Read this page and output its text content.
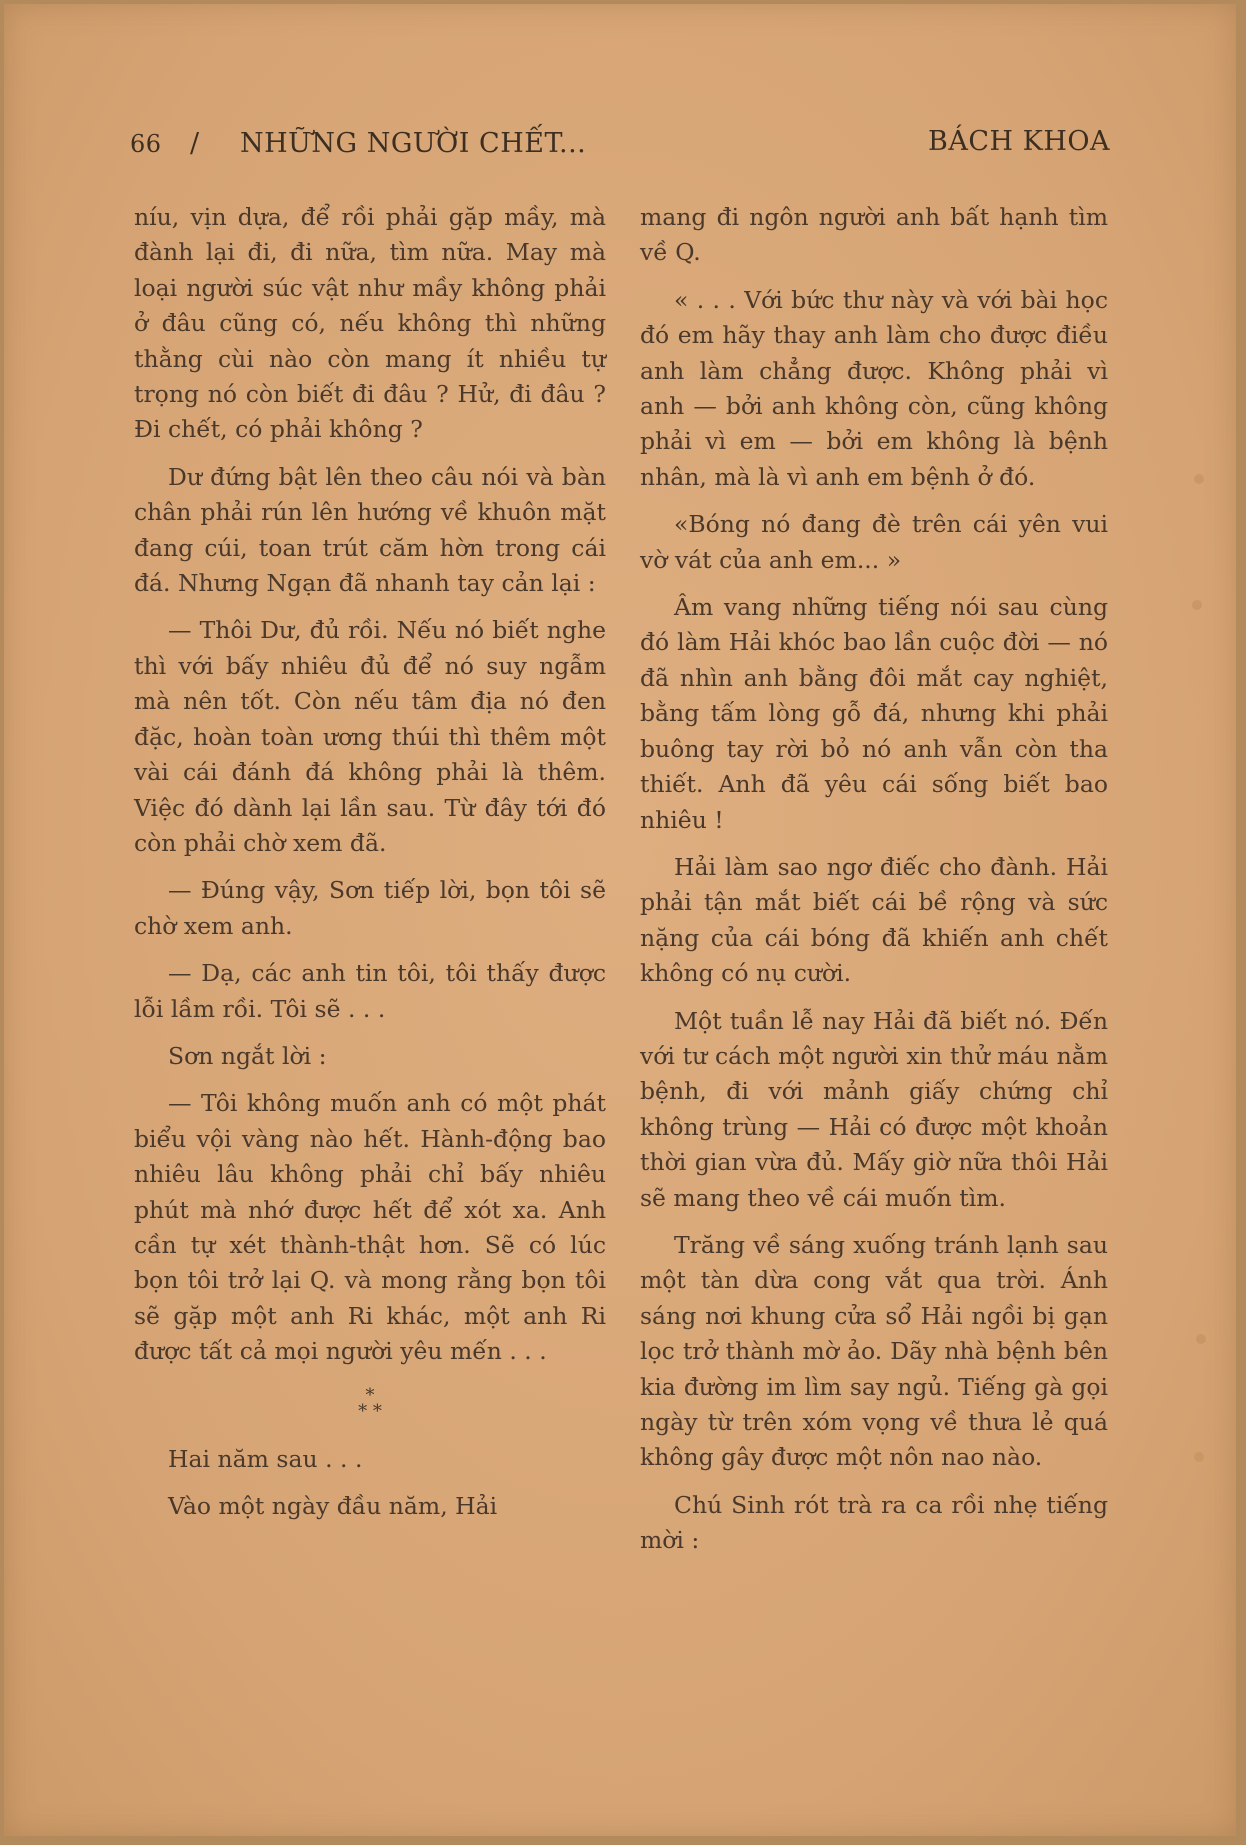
66 / NHỮNG NGƯỜI CHẾT...	BÁCH KHOA

níu, vịn dựa, để rồi phải gặp mầy, mà đành lại đi, đi nữa, tìm nữa. May mà loại người súc vật như mầy không phải ở đâu cũng có, nếu không thì những thằng cùi nào còn mang ít nhiều tự trọng nó còn biết đi đâu ? Hử, đi đâu ? Đi chết, có phải không ?

Dư đứng bật lên theo câu nói và bàn chân phải rún lên hướng về khuôn mặt đang cúi, toan trút căm hờn trong cái đá. Nhưng Ngạn đã nhanh tay cản lại :

— Thôi Dư, đủ rồi. Nếu nó biết nghe thì với bấy nhiêu đủ để nó suy ngẫm mà nên tốt. Còn nếu tâm địa nó đen đặc, hoàn toàn ương thúi thì thêm một vài cái đánh đá không phải là thêm. Việc đó dành lại lần sau. Từ đây tới đó còn phải chờ xem đã.

— Đúng vậy, Sơn tiếp lời, bọn tôi sẽ chờ xem anh.

— Dạ, các anh tin tôi, tôi thấy được lỗi lầm rồi. Tôi sẽ . . .

Sơn ngắt lời :

— Tôi không muốn anh có một phát biểu vội vàng nào hết. Hành-động bao nhiêu lâu không phải chỉ bấy nhiêu phút mà nhớ được hết để xót xa. Anh cần tự xét thành-thật hơn. Sẽ có lúc bọn tôi trở lại Q. và mong rằng bọn tôi sẽ gặp một anh Ri khác, một anh Ri được tất cả mọi người yêu mến . . .

*
* *

Hai năm sau . . .

Vào một ngày đầu năm, Hải

mang đi ngôn người anh bất hạnh tìm về Q.

« . . . Với bức thư này và với bài học đó em hãy thay anh làm cho được điều anh làm chẳng được. Không phải vì anh — bởi anh không còn, cũng không phải vì em — bởi em không là bệnh nhân, mà là vì anh em bệnh ở đó.

«Bóng nó đang đè trên cái yên vui vờ vát của anh em... »

Âm vang những tiếng nói sau cùng đó làm Hải khóc bao lần cuộc đời — nó đã nhìn anh bằng đôi mắt cay nghiệt, bằng tấm lòng gỗ đá, nhưng khi phải buông tay rời bỏ nó anh vẫn còn tha thiết. Anh đã yêu cái sống biết bao nhiêu !

Hải làm sao ngơ điếc cho đành. Hải phải tận mắt biết cái bề rộng và sức nặng của cái bóng đã khiến anh chết không có nụ cười.

Một tuần lễ nay Hải đã biết nó. Đến với tư cách một người xin thử máu nằm bệnh, đi với mảnh giấy chứng chỉ không trùng — Hải có được một khoản thời gian vừa đủ. Mấy giờ nữa thôi Hải sẽ mang theo về cái muốn tìm.

Trăng về sáng xuống tránh lạnh sau một tàn dừa cong vắt qua trời. Ánh sáng nơi khung cửa sổ Hải ngồi bị gạn lọc trở thành mờ ảo. Dãy nhà bệnh bên kia đường im lìm say ngủ. Tiếng gà gọi ngày từ trên xóm vọng về thưa lẻ quá không gây được một nôn nao nào.

Chú Sinh rót trà ra ca rồi nhẹ tiếng mời :
